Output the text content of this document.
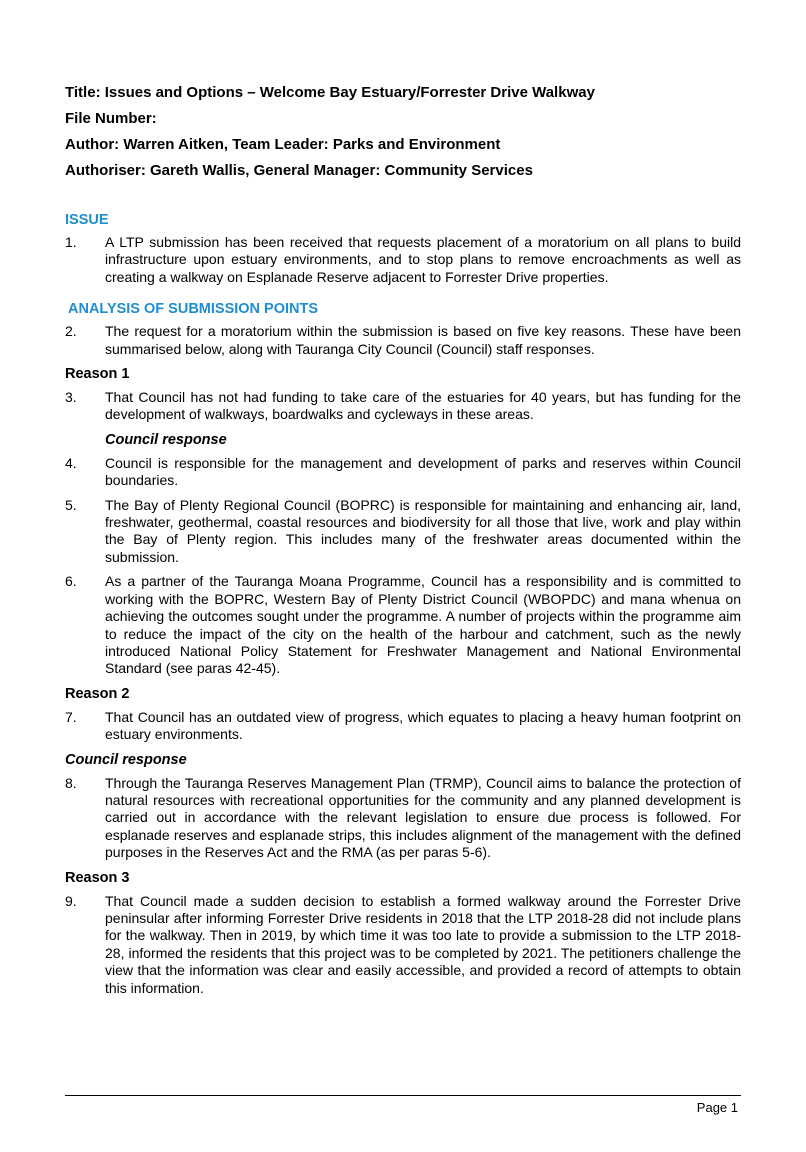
Title: Issues and Options – Welcome Bay Estuary/Forrester Drive Walkway
File Number:
Author: Warren Aitken, Team Leader: Parks and Environment
Authoriser: Gareth Wallis, General Manager: Community Services
ISSUE
1.	A LTP submission has been received that requests placement of a moratorium on all plans to build infrastructure upon estuary environments, and to stop plans to remove encroachments as well as creating a walkway on Esplanade Reserve adjacent to Forrester Drive properties.
ANALYSIS OF SUBMISSION POINTS
2.	The request for a moratorium within the submission is based on five key reasons. These have been summarised below, along with Tauranga City Council (Council) staff responses.
Reason 1
3.	That Council has not had funding to take care of the estuaries for 40 years, but has funding for the development of walkways, boardwalks and cycleways in these areas.
Council response
4.	Council is responsible for the management and development of parks and reserves within Council boundaries.
5.	The Bay of Plenty Regional Council (BOPRC) is responsible for maintaining and enhancing air, land, freshwater, geothermal, coastal resources and biodiversity for all those that live, work and play within the Bay of Plenty region. This includes many of the freshwater areas documented within the submission.
6.	As a partner of the Tauranga Moana Programme, Council has a responsibility and is committed to working with the BOPRC, Western Bay of Plenty District Council (WBOPDC) and mana whenua on achieving the outcomes sought under the programme. A number of projects within the programme aim to reduce the impact of the city on the health of the harbour and catchment, such as the newly introduced National Policy Statement for Freshwater Management and National Environmental Standard (see paras 42-45).
Reason 2
7.	That Council has an outdated view of progress, which equates to placing a heavy human footprint on estuary environments.
Council response
8.	Through the Tauranga Reserves Management Plan (TRMP), Council aims to balance the protection of natural resources with recreational opportunities for the community and any planned development is carried out in accordance with the relevant legislation to ensure due process is followed. For esplanade reserves and esplanade strips, this includes alignment of the management with the defined purposes in the Reserves Act and the RMA (as per paras 5-6).
Reason 3
9.	That Council made a sudden decision to establish a formed walkway around the Forrester Drive peninsular after informing Forrester Drive residents in 2018 that the LTP 2018-28 did not include plans for the walkway. Then in 2019, by which time it was too late to provide a submission to the LTP 2018-28, informed the residents that this project was to be completed by 2021. The petitioners challenge the view that the information was clear and easily accessible, and provided a record of attempts to obtain this information.
Page 1
